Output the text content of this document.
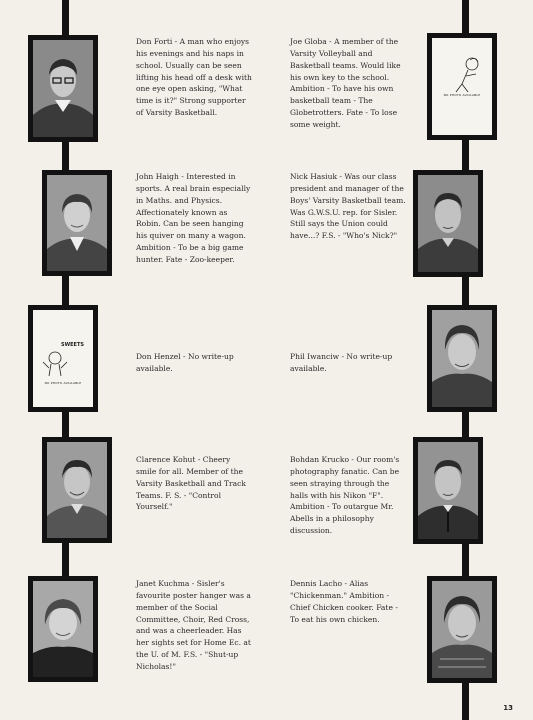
Don Forti - A man who enjoys his evenings and his naps in school. Usually can be seen lifting his head off a desk with one eye open asking, "What time is it?" Strong supporter of Varsity Basketball.
John Haigh - Interested in sports. A real brain especially in Maths. and Physics. Affectionately known as Robin. Can be seen hanging his quiver on many a wagon. Ambition - To be a big game hunter. Fate - Zoo-keeper.
SWEETS
NO PHOTO AVAILABLE
Don Henzel - No write-up available.
Clarence Kohut - Cheery smile for all. Member of the Varsity Basketball and Track Teams. F. S. - "Control Yourself."
Janet Kuchma - Sisler's favourite poster hanger was a member of the Social Committee, Choir, Red Cross, and was a cheerleader. Has her sights set for Home Ec. at the U. of M. F.S. - "Shut-up Nicholas!"
NO PHOTO AVAILABLE
Joe Globa - A member of the Varsity Volleyball and Basketball teams. Would like his own key to the school. Ambition - To have his own basketball team - The Globetrotters. Fate - To lose some weight.
Nick Hasiuk - Was our class president and manager of the Boys' Varsity Basketball team. Was G.W.S.U. rep. for Sisler. Still says the Union could have...? F.S. - "Who's Nick?"
Phil Iwanciw - No write-up available.
Bohdan Krucko - Our room's photography fanatic. Can be seen straying through the halls with his Nikon "F". Ambition - To outargue Mr. Abells in a philosophy discussion.
Dennis Lacho - Alias "Chickenman." Ambition - Chief Chicken cooker. Fate - To eat his own chicken.
13
